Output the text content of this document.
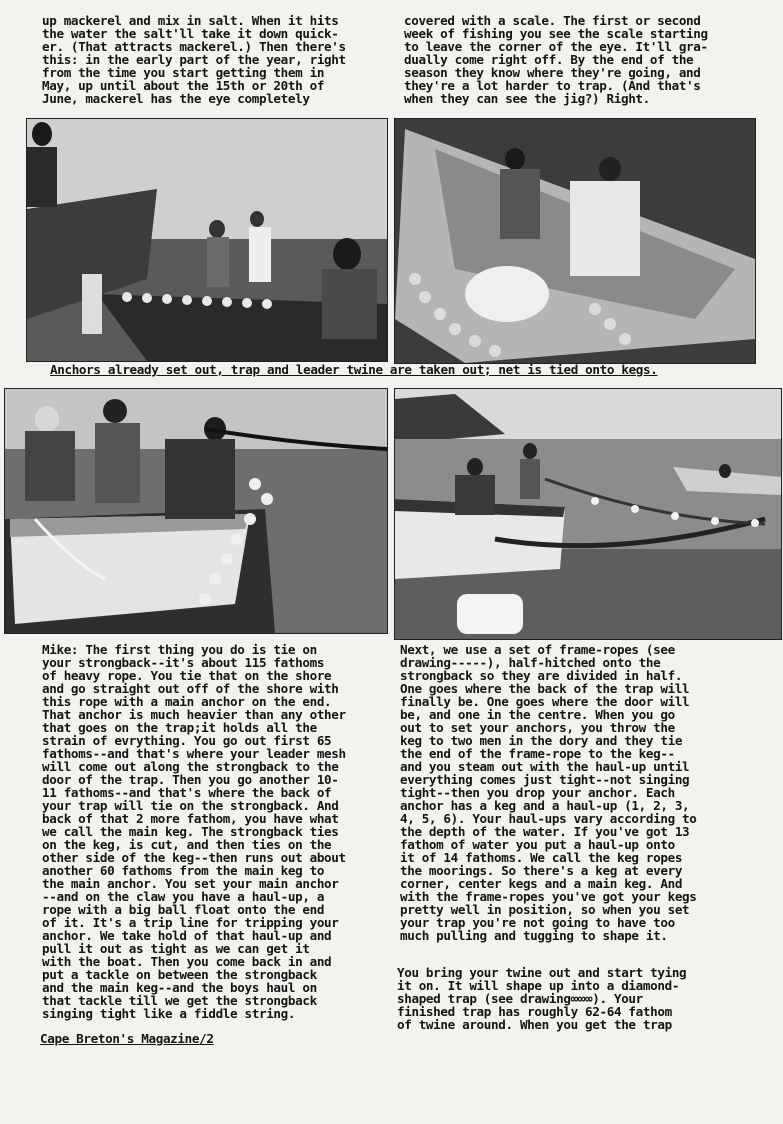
up mackerel and mix in salt. When it hits
the water the salt'll take it down quick-
er. (That attracts mackerel.) Then there's
this: in the early part of the year, right
from the time you start getting them in
May, up until about the 15th or 20th of
June, mackerel has the eye completely

covered with a scale. The first or second
week of fishing you see the scale starting
to leave the corner of the eye. It'll gra-
dually come right off. By the end of the
season they know where they're going, and
they're a lot harder to trap. (And that's
when they can see the jig?) Right.

Anchors already set out, trap and leader twine are taken out; net is tied onto kegs.

Mike: The first thing you do is tie on
your strongback--it's about 115 fathoms
of heavy rope. You tie that on the shore
and go straight out off of the shore with
this rope with a main anchor on the end.
That anchor is much heavier than any other
that goes on the trap;it holds all the
strain of evrything. You go out first 65
fathoms--and that's where your leader mesh
will come out along the strongback to the
door of the trap. Then you go another 10-
11 fathoms--and that's where the back of
your trap will tie on the strongback. And
back of that 2 more fathom, you have what
we call the main keg. The strongback ties
on the keg, is cut, and then ties on the
other side of the keg--then runs out about
another 60 fathoms from the main keg to
the main anchor. You set your main anchor
--and on the claw you have a haul-up, a
rope with a big ball float onto the end
of it. It's a trip line for tripping your
anchor. We take hold of that haul-up and
pull it out as tight as we can get it
with the boat. Then you come back in and
put a tackle on between the strongback
and the main keg--and the boys haul on
that tackle till we get the strongback
singing tight like a fiddle string.

Next, we use a set of frame-ropes (see
drawing-----), half-hitched onto the
strongback so they are divided in half.
One goes where the back of the trap will
finally be. One goes where the door will
be, and one in the centre. When you go
out to set your anchors, you throw the
keg to two men in the dory and they tie
the end of the frame-rope to the keg--
and you steam out with the haul-up until
everything comes just tight--not singing
tight--then you drop your anchor. Each
anchor has a keg and a haul-up (1, 2, 3,
4, 5, 6). Your haul-ups vary according to
the depth of the water. If you've got 13
fathom of water you put a haul-up onto
it of 14 fathoms. We call the keg ropes
the moorings. So there's a keg at every
corner, center kegs and a main keg. And
with the frame-ropes you've got your kegs
pretty well in position, so when you set
your trap you're not going to have too
much pulling and tugging to shape it.

You bring your twine out and start tying
it on. It will shape up into a diamond-
shaped trap (see drawing∞∞∞). Your
finished trap has roughly 62-64 fathom
of twine around. When you get the trap

Cape Breton's Magazine/2
